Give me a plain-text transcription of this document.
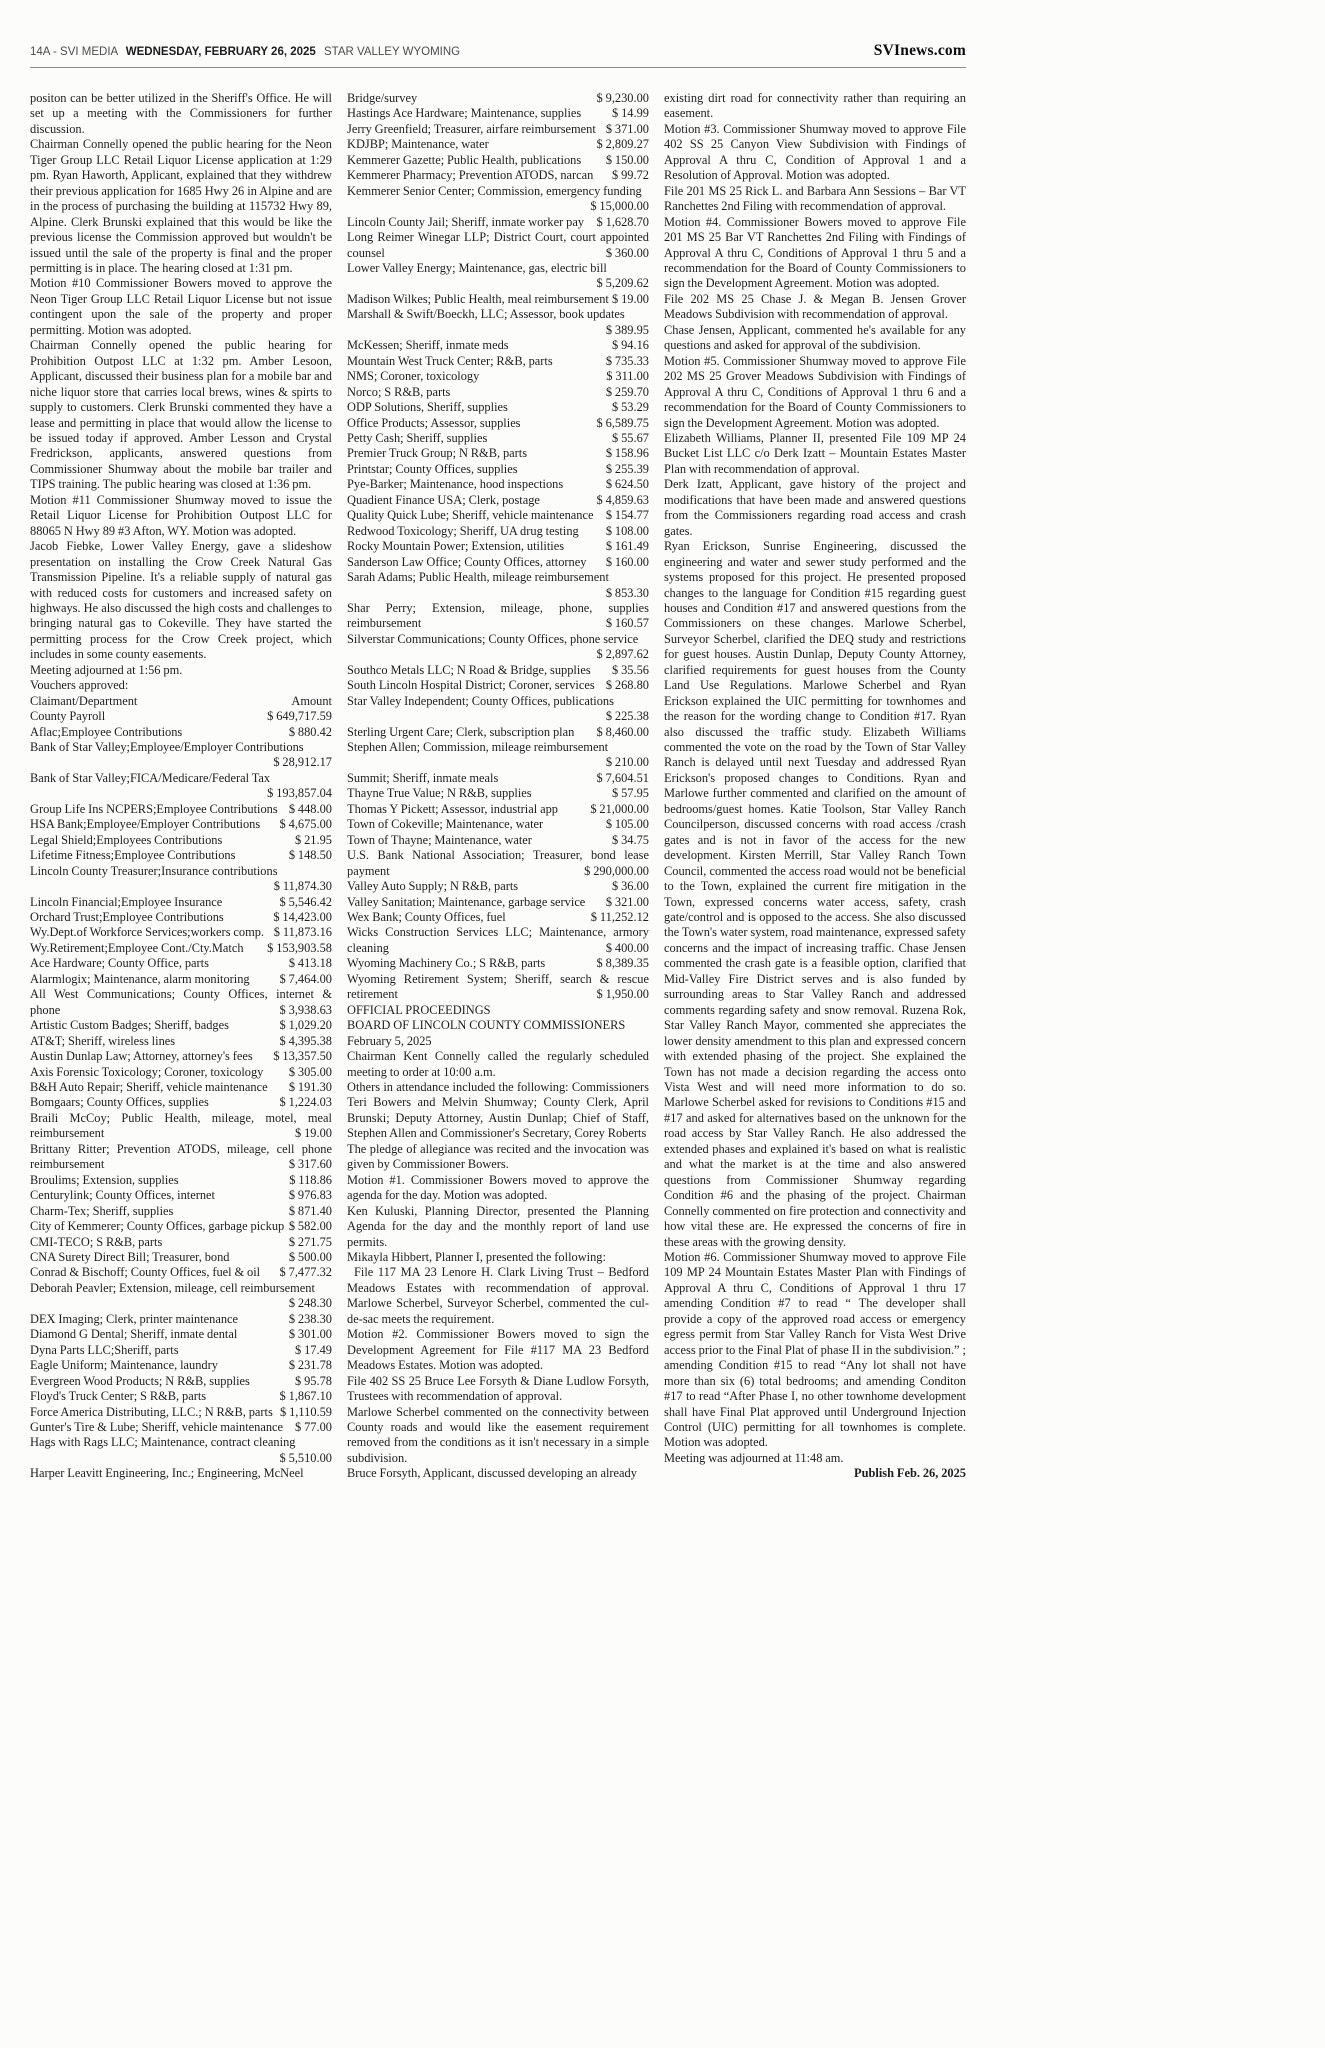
14A - SVI MEDIA WEDNESDAY, FEBRUARY 26, 2025 STAR VALLEY WYOMING	SVInews.com
positon can be better utilized in the Sheriff's Office. He will set up a meeting with the Commissioners for further discussion.
Chairman Connelly opened the public hearing for the Neon Tiger Group LLC Retail Liquor License application at 1:29 pm. Ryan Haworth, Applicant, explained that they withdrew their previous application for 1685 Hwy 26 in Alpine and are in the process of purchasing the building at 115732 Hwy 89, Alpine. Clerk Brunski explained that this would be like the previous license the Commission approved but wouldn't be issued until the sale of the property is final and the proper permitting is in place. The hearing closed at 1:31 pm.
Motion #10 Commissioner Bowers moved to approve the Neon Tiger Group LLC Retail Liquor License but not issue contingent upon the sale of the property and proper permitting. Motion was adopted.
Chairman Connelly opened the public hearing for Prohibition Outpost LLC at 1:32 pm. Amber Lesoon, Applicant, discussed their business plan for a mobile bar and niche liquor store that carries local brews, wines & spirts to supply to customers. Clerk Brunski commented they have a lease and permitting in place that would allow the license to be issued today if approved. Amber Lesson and Crystal Fredrickson, applicants, answered questions from Commissioner Shumway about the mobile bar trailer and TIPS training. The public hearing was closed at 1:36 pm.
Motion #11 Commissioner Shumway moved to issue the Retail Liquor License for Prohibition Outpost LLC for 88065 N Hwy 89 #3 Afton, WY. Motion was adopted.
Jacob Fiebke, Lower Valley Energy, gave a slideshow presentation on installing the Crow Creek Natural Gas Transmission Pipeline. It's a reliable supply of natural gas with reduced costs for customers and increased safety on highways. He also discussed the high costs and challenges to bringing natural gas to Cokeville. They have started the permitting process for the Crow Creek project, which includes in some county easements.
Meeting adjourned at 1:56 pm.
Vouchers approved:
Claimant/Department	Amount
County Payroll	$ 649,717.59
Aflac;Employee Contributions	$ 880.42
Bank of Star Valley;Employee/Employer Contributions
$ 28,912.17
Bank of Star Valley;FICA/Medicare/Federal Tax
$ 193,857.04
Group Life Ins NCPERS;Employee Contributions $ 448.00
HSA Bank;Employee/Employer Contributions $ 4,675.00
Legal Shield;Employees Contributions	$ 21.95
Lifetime Fitness;Employee Contributions	$ 148.50
Lincoln County Treasurer;Insurance contributions
$ 11,874.30
Lincoln Financial;Employee Insurance	$ 5,546.42
Orchard Trust;Employee Contributions	$ 14,423.00
Wy.Dept.of Workforce Services;workers comp. $ 11,873.16
Wy.Retirement;Employee Cont./Cty.Match $ 153,903.58
Ace Hardware; County Office, parts	$ 413.18
Alarmlogix; Maintenance, alarm monitoring $ 7,464.00
All West Communications; County Offices, internet & phone	$ 3,938.63
Artistic Custom Badges; Sheriff, badges	$ 1,029.20
AT&T; Sheriff, wireless lines	$ 4,395.38
Austin Dunlap Law; Attorney, attorney's fees $ 13,357.50
Axis Forensic Toxicology; Coroner, toxicology $ 305.00
B&H Auto Repair; Sheriff, vehicle maintenance $ 191.30
Bomgaars; County Offices, supplies	$ 1,224.03
Braili McCoy; Public Health, mileage, motel, meal reimbursement	$ 19.00
Brittany Ritter; Prevention ATODS, mileage, cell phone reimbursement	$ 317.60
Broulims; Extension, supplies	$ 118.86
Centurylink; County Offices, internet	$ 976.83
Charm-Tex; Sheriff, supplies	$ 871.40
City of Kemmerer; County Offices, garbage pickup $ 582.00
CMI-TECO; S R&B, parts	$ 271.75
CNA Surety Direct Bill; Treasurer, bond	$ 500.00
Conrad & Bischoff; County Offices, fuel & oil $ 7,477.32
Deborah Peavler; Extension, mileage, cell reimbursement
$ 248.30
DEX Imaging; Clerk, printer maintenance	$ 238.30
Diamond G Dental; Sheriff, inmate dental	$ 301.00
Dyna Parts LLC;Sheriff, parts	$ 17.49
Eagle Uniform; Maintenance, laundry	$ 231.78
Evergreen Wood Products; N R&B, supplies	$ 95.78
Floyd's Truck Center; S R&B, parts	$ 1,867.10
Force America Distributing, LLC.; N R&B, parts $ 1,110.59
Gunter's Tire & Lube; Sheriff, vehicle maintenance $ 77.00
Hags with Rags LLC; Maintenance, contract cleaning
$ 5,510.00
Harper Leavitt Engineering, Inc.; Engineering, McNeel
Bridge/survey	$ 9,230.00
Hastings Ace Hardware; Maintenance, supplies $ 14.99
Jerry Greenfield; Treasurer, airfare reimbursement $ 371.00
KDJBP; Maintenance, water	$ 2,809.27
Kemmerer Gazette; Public Health, publications $ 150.00
Kemmerer Pharmacy; Prevention ATODS, narcan $ 99.72
Kemmerer Senior Center; Commission, emergency funding
$ 15,000.00
Lincoln County Jail; Sheriff, inmate worker pay $ 1,628.70
Long Reimer Winegar LLP; District Court, court appointed counsel	$ 360.00
Lower Valley Energy; Maintenance, gas, electric bill
$ 5,209.62
Madison Wilkes; Public Health, meal reimbursement $ 19.00
Marshall & Swift/Boeckh, LLC; Assessor, book updates
$ 389.95
McKessen; Sheriff, inmate meds	$ 94.16
Mountain West Truck Center; R&B, parts	$ 735.33
NMS; Coroner, toxicology	$ 311.00
Norco; S R&B, parts	$ 259.70
ODP Solutions, Sheriff, supplies	$ 53.29
Office Products; Assessor, supplies	$ 6,589.75
Petty Cash; Sheriff, supplies	$ 55.67
Premier Truck Group; N R&B, parts	$ 158.96
Printstar; County Offices, supplies	$ 255.39
Pye-Barker; Maintenance, hood inspections	$ 624.50
Quadient Finance USA; Clerk, postage	$ 4,859.63
Quality Quick Lube; Sheriff, vehicle maintenance $ 154.77
Redwood Toxicology; Sheriff, UA drug testing $ 108.00
Rocky Mountain Power; Extension, utilities	$ 161.49
Sanderson Law Office; County Offices, attorney $ 160.00
Sarah Adams; Public Health, mileage reimbursement
$ 853.30
Shar Perry; Extension, mileage, phone, supplies reimbursement	$ 160.57
Silverstar Communications; County Offices, phone service
$ 2,897.62
Southco Metals LLC; N Road & Bridge, supplies $ 35.56
South Lincoln Hospital District; Coroner, services $ 268.80
Star Valley Independent; County Offices, publications
$ 225.38
Sterling Urgent Care; Clerk, subscription plan $ 8,460.00
Stephen Allen; Commission, mileage reimbursement
$ 210.00
Summit; Sheriff, inmate meals	$ 7,604.51
Thayne True Value; N R&B, supplies	$ 57.95
Thomas Y Pickett; Assessor, industrial app	$ 21,000.00
Town of Cokeville; Maintenance, water	$ 105.00
Town of Thayne; Maintenance, water	$ 34.75
U.S. Bank National Association; Treasurer, bond lease payment	$ 290,000.00
Valley Auto Supply; N R&B, parts	$ 36.00
Valley Sanitation; Maintenance, garbage service $ 321.00
Wex Bank; County Offices, fuel	$ 11,252.12
Wicks Construction Services LLC; Maintenance, armory cleaning	$ 400.00
Wyoming Machinery Co.; S R&B, parts	$ 8,389.35
Wyoming Retirement System; Sheriff, search & rescue retirement	$ 1,950.00
OFFICIAL PROCEEDINGS
BOARD OF LINCOLN COUNTY COMMISSIONERS
February 5, 2025
Chairman Kent Connelly called the regularly scheduled meeting to order at 10:00 a.m.
Others in attendance included the following: Commissioners Teri Bowers and Melvin Shumway; County Clerk, April Brunski; Deputy Attorney, Austin Dunlap; Chief of Staff, Stephen Allen and Commissioner's Secretary, Corey Roberts
The pledge of allegiance was recited and the invocation was given by Commissioner Bowers.
Motion #1. Commissioner Bowers moved to approve the agenda for the day. Motion was adopted.
Ken Kuluski, Planning Director, presented the Planning Agenda for the day and the monthly report of land use permits.
Mikayla Hibbert, Planner I, presented the following:
File 117 MA 23 Lenore H. Clark Living Trust – Bedford Meadows Estates with recommendation of approval. Marlowe Scherbel, Surveyor Scherbel, commented the cul-de-sac meets the requirement.
Motion #2. Commissioner Bowers moved to sign the Development Agreement for File #117 MA 23 Bedford Meadows Estates. Motion was adopted.
File 402 SS 25 Bruce Lee Forsyth & Diane Ludlow Forsyth, Trustees with recommendation of approval.
Marlowe Scherbel commented on the connectivity between County roads and would like the easement requirement removed from the conditions as it isn't necessary in a simple subdivision.
Bruce Forsyth, Applicant, discussed developing an already
existing dirt road for connectivity rather than requiring an easement.
Motion #3. Commissioner Shumway moved to approve File 402 SS 25 Canyon View Subdivision with Findings of Approval A thru C, Condition of Approval 1 and a Resolution of Approval. Motion was adopted.
File 201 MS 25 Rick L. and Barbara Ann Sessions – Bar VT Ranchettes 2nd Filing with recommendation of approval.
Motion #4. Commissioner Bowers moved to approve File 201 MS 25 Bar VT Ranchettes 2nd Filing with Findings of Approval A thru C, Conditions of Approval 1 thru 5 and a recommendation for the Board of County Commissioners to sign the Development Agreement. Motion was adopted.
File 202 MS 25 Chase J. & Megan B. Jensen Grover Meadows Subdivision with recommendation of approval.
Chase Jensen, Applicant, commented he's available for any questions and asked for approval of the subdivision.
Motion #5. Commissioner Shumway moved to approve File 202 MS 25 Grover Meadows Subdivision with Findings of Approval A thru C, Conditions of Approval 1 thru 6 and a recommendation for the Board of County Commissioners to sign the Development Agreement. Motion was adopted.
Elizabeth Williams, Planner II, presented File 109 MP 24 Bucket List LLC c/o Derk Izatt – Mountain Estates Master Plan with recommendation of approval.
Derk Izatt, Applicant, gave history of the project and modifications that have been made and answered questions from the Commissioners regarding road access and crash gates.
Ryan Erickson, Sunrise Engineering, discussed the engineering and water and sewer study performed and the systems proposed for this project. He presented proposed changes to the language for Condition #15 regarding guest houses and Condition #17 and answered questions from the Commissioners on these changes. Marlowe Scherbel, Surveyor Scherbel, clarified the DEQ study and restrictions for guest houses. Austin Dunlap, Deputy County Attorney, clarified requirements for guest houses from the County Land Use Regulations. Marlowe Scherbel and Ryan Erickson explained the UIC permitting for townhomes and the reason for the wording change to Condition #17. Ryan also discussed the traffic study. Elizabeth Williams commented the vote on the road by the Town of Star Valley Ranch is delayed until next Tuesday and addressed Ryan Erickson's proposed changes to Conditions. Ryan and Marlowe further commented and clarified on the amount of bedrooms/guest homes. Katie Toolson, Star Valley Ranch Councilperson, discussed concerns with road access /crash gates and is not in favor of the access for the new development. Kirsten Merrill, Star Valley Ranch Town Council, commented the access road would not be beneficial to the Town, explained the current fire mitigation in the Town, expressed concerns water access, safety, crash gate/control and is opposed to the access. She also discussed the Town's water system, road maintenance, expressed safety concerns and the impact of increasing traffic. Chase Jensen commented the crash gate is a feasible option, clarified that Mid-Valley Fire District serves and is also funded by surrounding areas to Star Valley Ranch and addressed comments regarding safety and snow removal. Ruzena Rok, Star Valley Ranch Mayor, commented she appreciates the lower density amendment to this plan and expressed concern with extended phasing of the project. She explained the Town has not made a decision regarding the access onto Vista West and will need more information to do so. Marlowe Scherbel asked for revisions to Conditions #15 and #17 and asked for alternatives based on the unknown for the road access by Star Valley Ranch. He also addressed the extended phases and explained it's based on what is realistic and what the market is at the time and also answered questions from Commissioner Shumway regarding Condition #6 and the phasing of the project. Chairman Connelly commented on fire protection and connectivity and how vital these are. He expressed the concerns of fire in these areas with the growing density.
Motion #6. Commissioner Shumway moved to approve File 109 MP 24 Mountain Estates Master Plan with Findings of Approval A thru C, Conditions of Approval 1 thru 17 amending Condition #7 to read “ The developer shall provide a copy of the approved road access or emergency egress permit from Star Valley Ranch for Vista West Drive access prior to the Final Plat of phase II in the subdivision.” ; amending Condition #15 to read “Any lot shall not have more than six (6) total bedrooms; and amending Conditon #17 to read “After Phase I, no other townhome development shall have Final Plat approved until Underground Injection Control (UIC) permitting for all townhomes is complete. Motion was adopted.
Meeting was adjourned at 11:48 am.
Publish Feb. 26, 2025
